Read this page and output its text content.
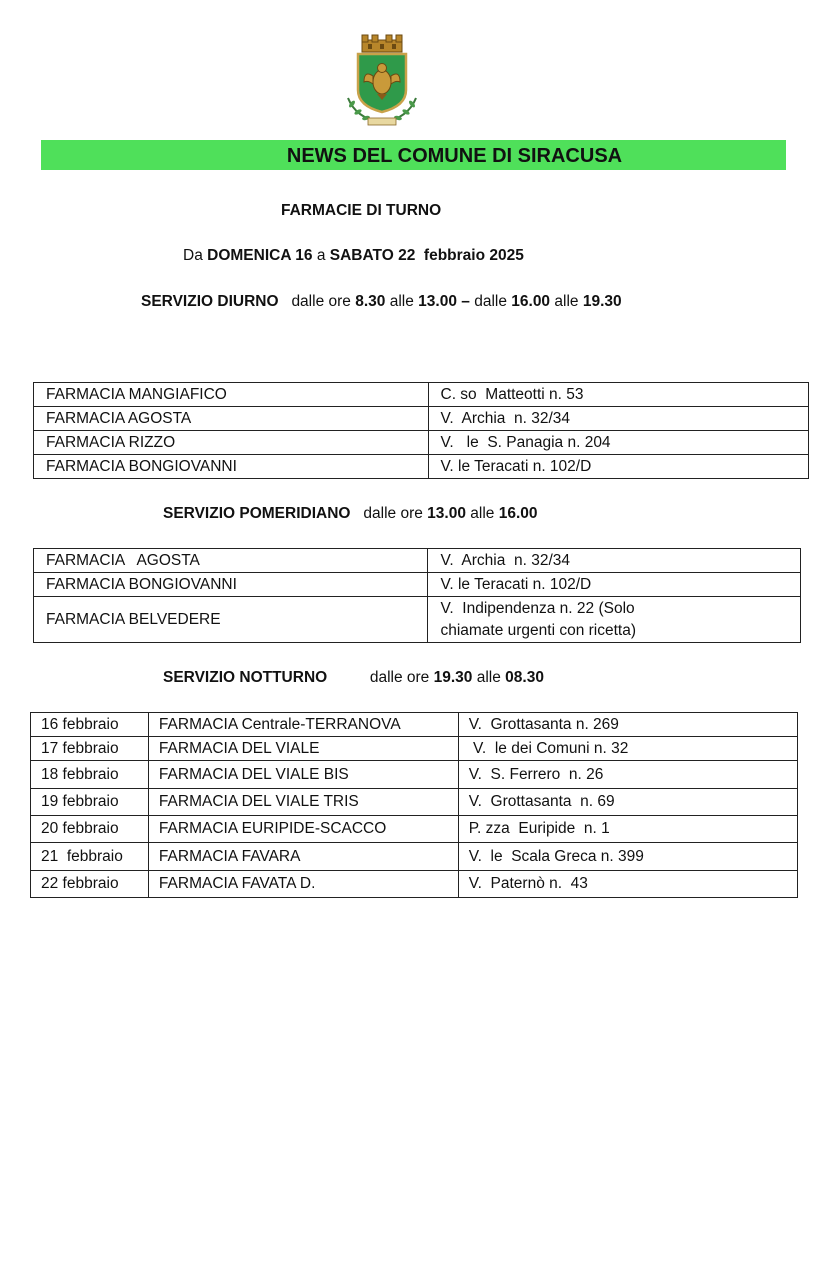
NEWS DEL COMUNE DI SIRACUSA
FARMACIE DI TURNO
Da DOMENICA 16 a SABATO 22  febbraio 2025
SERVIZIO DIURNO dalle ore 8.30 alle 13.00 – dalle 16.00 alle 19.30
FARMACIA MANGIAFICO	C. so  Matteotti n. 53
FARMACIA AGOSTA	V.  Archia  n. 32/34
FARMACIA RIZZO	V.   le  S. Panagia n. 204
FARMACIA BONGIOVANNI	V. le Teracati n. 102/D
SERVIZIO POMERIDIANO dalle ore 13.00 alle 16.00
FARMACIA   AGOSTA	V.  Archia  n. 32/34
FARMACIA BONGIOVANNI	V. le Teracati n. 102/D
FARMACIA BELVEDERE	V.  Indipendenza n. 22 (Solo
chiamate urgenti con ricetta)
SERVIZIO NOTTURNO	dalle ore 19.30 alle 08.30
16 febbraio	FARMACIA Centrale-TERRANOVA	V.  Grottasanta n. 269
17 febbraio	FARMACIA DEL VIALE	V.  le dei Comuni n. 32
18 febbraio	FARMACIA DEL VIALE BIS	V.  S. Ferrero  n. 26
19 febbraio	FARMACIA DEL VIALE TRIS	V.  Grottasanta  n. 69
20 febbraio	FARMACIA EURIPIDE-SCACCO	P. zza  Euripide  n. 1
21  febbraio	FARMACIA FAVARA	V.  le  Scala Greca n. 399
22 febbraio	FARMACIA FAVATA D.	V.  Paternò n.  43
